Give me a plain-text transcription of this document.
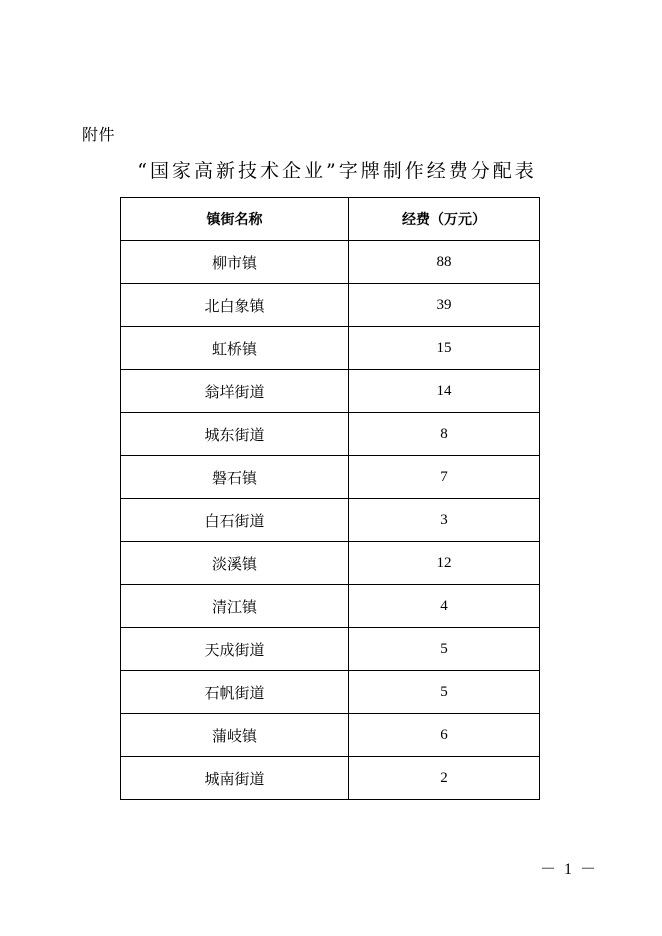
附件
“国家高新技术企业”字牌制作经费分配表
镇街名称	经费（万元）
柳市镇	88
北白象镇	39
虹桥镇	15
翁垟街道	14
城东街道	8
磐石镇	7
白石街道	3
淡溪镇	12
清江镇	4
天成街道	5
石帆街道	5
蒲岐镇	6
城南街道	2
－ 1 －
